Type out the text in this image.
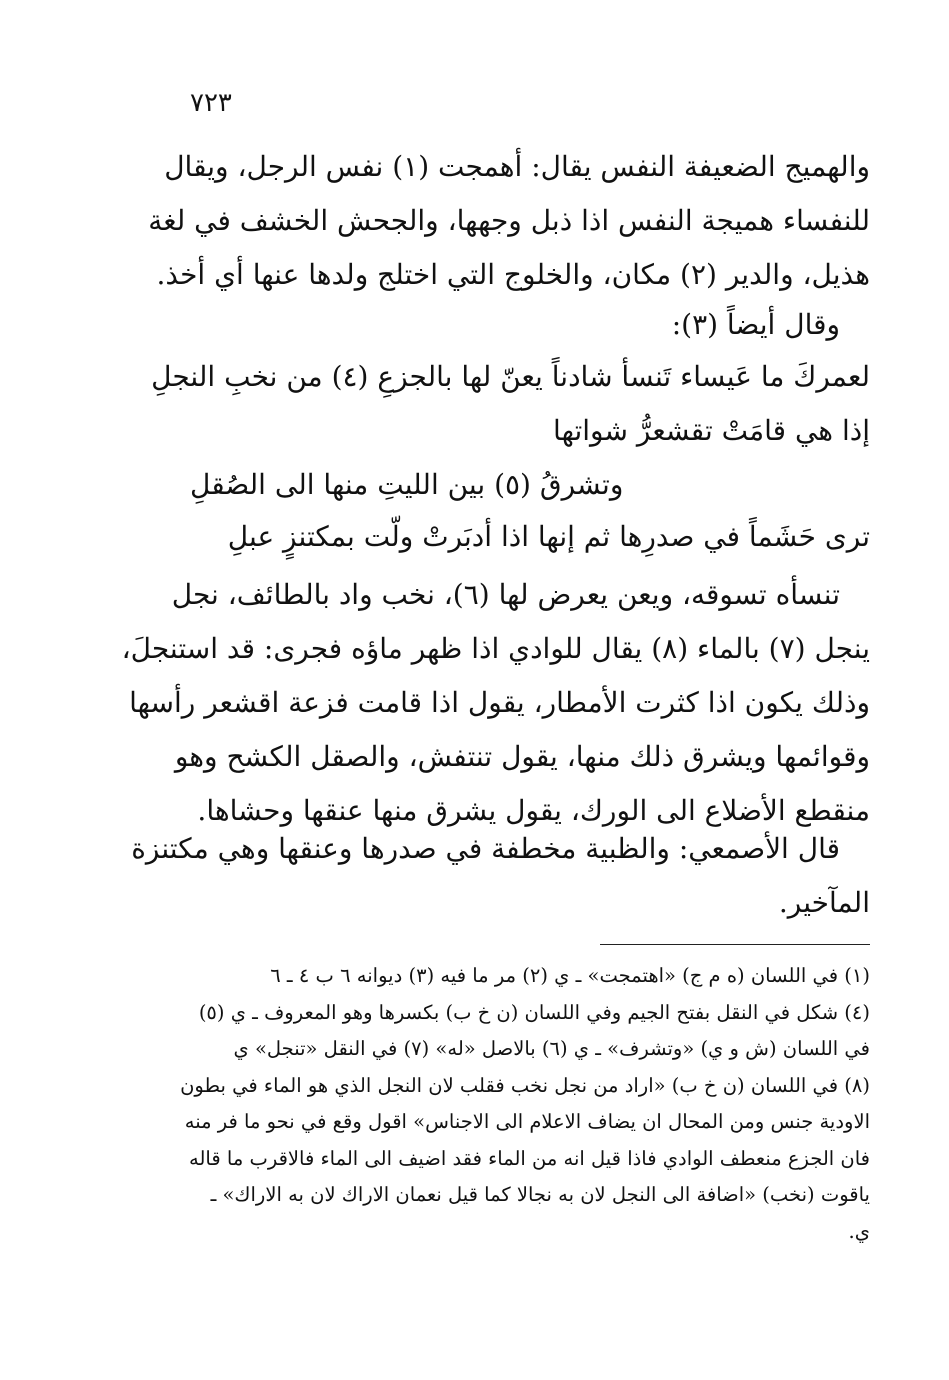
٧٢٣
والهميج الضعيفة النفس يقال: أهمجت (١) نفس الرجل، ويقال
للنفساء هميجة النفس اذا ذبل وجهها، والجحش الخشف في لغة
هذيل، والدير (٢) مكان، والخلوج التي اختلج ولدها عنها أي أخذ.
وقال أيضاً (٣):
لعمركَ ما عَيساء تَنسأ شادناً يعنّ لها بالجزعِ (٤) من نخبِ النجلِ
إذا هي قامَتْ تقشعرُّ شواتها
وتشرقُ (٥) بين الليتِ منها الى الصُقلِ
ترى حَشَماً في صدرِها ثم إنها اذا أدبَرتْ ولّت بمكتنزٍ عبلِ
تنسأه تسوقه، ويعن يعرض لها (٦)، نخب واد بالطائف، نجل
ينجل (٧) بالماء (٨) يقال للوادي اذا ظهر ماؤه فجرى: قد استنجلَ،
وذلك يكون اذا كثرت الأمطار، يقول اذا قامت فزعة اقشعر رأسها
وقوائمها ويشرق ذلك منها، يقول تنتفش، والصقل الكشح وهو
منقطع الأضلاع الى الورك، يقول يشرق منها عنقها وحشاها.
قال الأصمعي: والظبية مخطفة في صدرها وعنقها وهي مكتنزة
المآخير.
(١) في اللسان (ه م ج) «اهتمجت» ـ ي (٢) مر ما فيه (٣) ديوانه ٦ ب ٤ ـ ٦
(٤) شكل في النقل بفتح الجيم وفي اللسان (ن خ ب) بكسرها وهو المعروف ـ ي (٥)
في اللسان (ش و ي) «وتشرف» ـ ي (٦) بالاصل «له» (٧) في النقل «تنجل» ي
(٨) في اللسان (ن خ ب) «اراد من نجل نخب فقلب لان النجل الذي هو الماء في بطون
الاودية جنس ومن المحال ان يضاف الاعلام الى الاجناس» اقول وقع في نحو ما فر منه
فان الجزع منعطف الوادي فاذا قيل انه من الماء فقد اضيف الى الماء فالاقرب ما قاله
ياقوت (نخب) «اضافة الى النجل لان به نجالا كما قيل نعمان الاراك لان به الاراك» ـ
ي.
